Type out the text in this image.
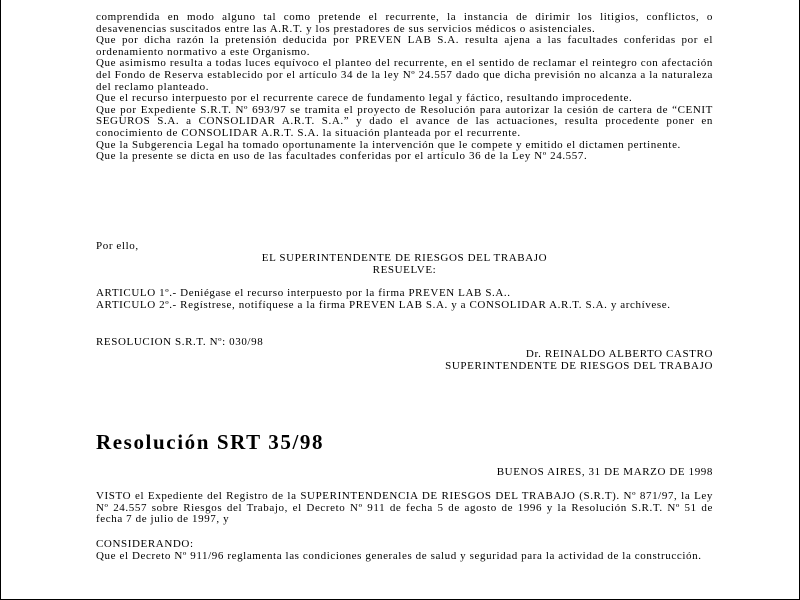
comprendida en modo alguno tal como pretende el recurrente, la instancia de dirimir los litigios, conflictos, o desavenencias suscitados entre las A.R.T. y los prestadores de sus servicios médicos o asistenciales.

Que por dicha razón la pretensión deducida por PREVEN LAB S.A. resulta ajena a las facultades conferidas por el ordenamiento normativo a este Organismo.

Que asimismo resulta a todas luces equívoco el planteo del recurrente, en el sentido de reclamar el reintegro con afectación del Fondo de Reserva establecido por el artículo 34 de la ley Nº 24.557 dado que dicha previsión no alcanza a la naturaleza del reclamo planteado.

Que el recurso interpuesto por el recurrente carece de fundamento legal y fáctico, resultando improcedente.

Que por Expediente S.R.T. Nº 693/97 se tramita el proyecto de Resolución para autorizar la cesión de cartera de “CENIT SEGUROS S.A. a CONSOLIDAR A.R.T. S.A.” y dado el avance de las actuaciones, resulta procedente poner en conocimiento de CONSOLIDAR A.R.T. S.A. la situación planteada por el recurrente.

Que la Subgerencia Legal ha tomado oportunamente la intervención que le compete y emitido el dictamen pertinente.

Que la presente se dicta en uso de las facultades conferidas por el artículo 36 de la Ley Nº 24.557.

Por ello,
EL SUPERINTENDENTE DE RIESGOS DEL TRABAJO
RESUELVE:

ARTICULO 1º.- Deniégase el recurso interpuesto por la firma PREVEN LAB S.A..

ARTICULO 2º.- Regístrese, notifíquese a la firma PREVEN LAB S.A. y a CONSOLIDAR A.R.T. S.A. y archívese.

RESOLUCION S.R.T. Nº: 030/98
Dr. REINALDO ALBERTO CASTRO
SUPERINTENDENTE DE RIESGOS DEL TRABAJO
Resolución SRT 35/98
BUENOS AIRES, 31 DE MARZO DE 1998

VISTO el Expediente del Registro de la SUPERINTENDENCIA DE RIESGOS DEL TRABAJO (S.R.T). Nº 871/97, la Ley Nº 24.557 sobre Riesgos del Trabajo, el Decreto Nº 911 de fecha 5 de agosto de 1996 y la Resolución S.R.T. Nº 51 de fecha 7 de julio de 1997, y

CONSIDERANDO:

Que el Decreto Nº 911/96 reglamenta las condiciones generales de salud y seguridad para la actividad de la construcción.
